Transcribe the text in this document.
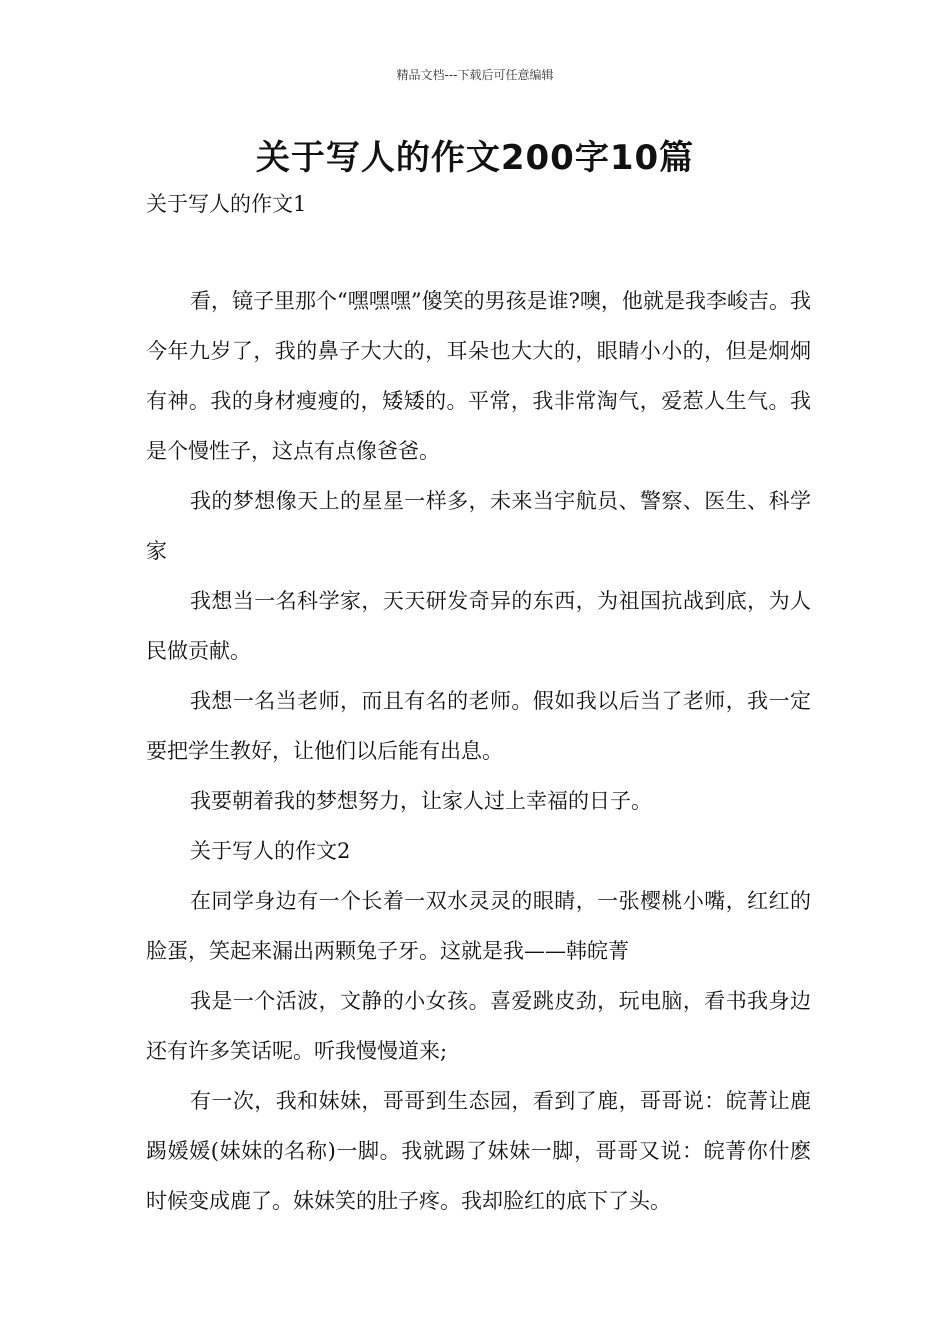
精品文档---下载后可任意编辑
关于写人的作文200字10篇
关于写人的作文1

看，镜子里那个“嘿嘿嘿”傻笑的男孩是谁?噢，他就是我李峻吉。我今年九岁了，我的鼻子大大的，耳朵也大大的，眼睛小小的，但是炯炯有神。我的身材瘦瘦的，矮矮的。平常，我非常淘气，爱惹人生气。我是个慢性子，这点有点像爸爸。

我的梦想像天上的星星一样多，未来当宇航员、警察、医生、科学家

我想当一名科学家，天天研发奇异的东西，为祖国抗战到底，为人民做贡献。

我想一名当老师，而且有名的老师。假如我以后当了老师，我一定要把学生教好，让他们以后能有出息。

我要朝着我的梦想努力，让家人过上幸福的日子。

关于写人的作文2

在同学身边有一个长着一双水灵灵的眼睛，一张樱桃小嘴，红红的脸蛋，笑起来漏出两颗兔子牙。这就是我——韩皖菁

我是一个活波，文静的小女孩。喜爱跳皮劲，玩电脑，看书我身边还有许多笑话呢。听我慢慢道来;

有一次，我和妹妹，哥哥到生态园，看到了鹿，哥哥说：皖菁让鹿踢媛媛(妹妹的名称)一脚。我就踢了妹妹一脚，哥哥又说：皖菁你什麽时候变成鹿了。妹妹笑的肚子疼。我却脸红的底下了头。
